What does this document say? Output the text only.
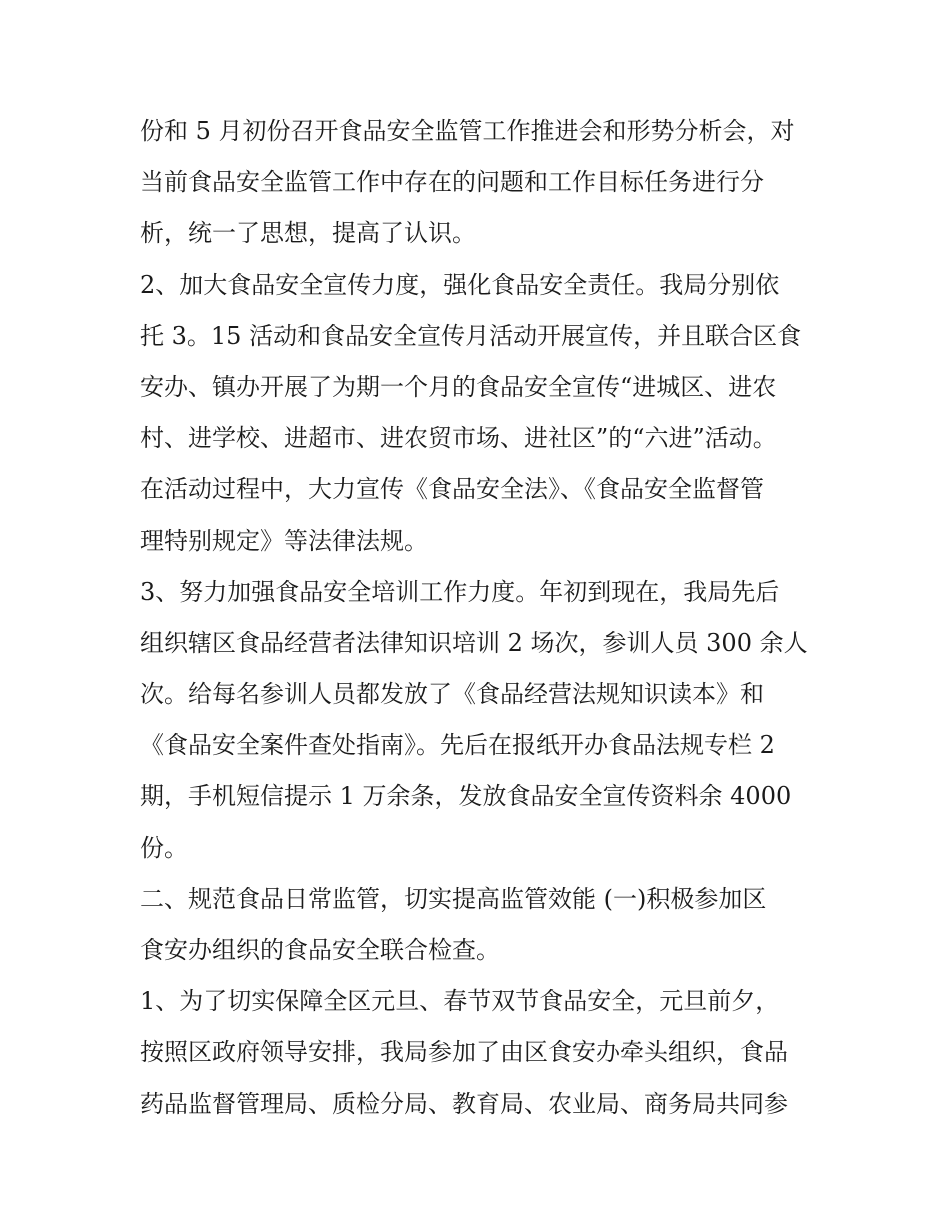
份和 5 月初份召开食品安全监管工作推进会和形势分析会，对
当前食品安全监管工作中存在的问题和工作目标任务进行分
析，统一了思想，提高了认识。
2、加大食品安全宣传力度，强化食品安全责任。我局分别依
托 3。15 活动和食品安全宣传月活动开展宣传，并且联合区食
安办、镇办开展了为期一个月的食品安全宣传“进城区、进农
村、进学校、进超市、进农贸市场、进社区”的“六进”活动。
在活动过程中，大力宣传《食品安全法》、《食品安全监督管
理特别规定》等法律法规。
3、努力加强食品安全培训工作力度。年初到现在，我局先后
组织辖区食品经营者法律知识培训 2 场次，参训人员 300 余人
次。给每名参训人员都发放了《食品经营法规知识读本》和
《食品安全案件查处指南》。先后在报纸开办食品法规专栏 2
期，手机短信提示 1 万余条，发放食品安全宣传资料余 4000
份。
二、规范食品日常监管，切实提高监管效能 (一)积极参加区
食安办组织的食品安全联合检查。
1、为了切实保障全区元旦、春节双节食品安全，元旦前夕，
按照区政府领导安排，我局参加了由区食安办牵头组织，食品
药品监督管理局、质检分局、教育局、农业局、商务局共同参
